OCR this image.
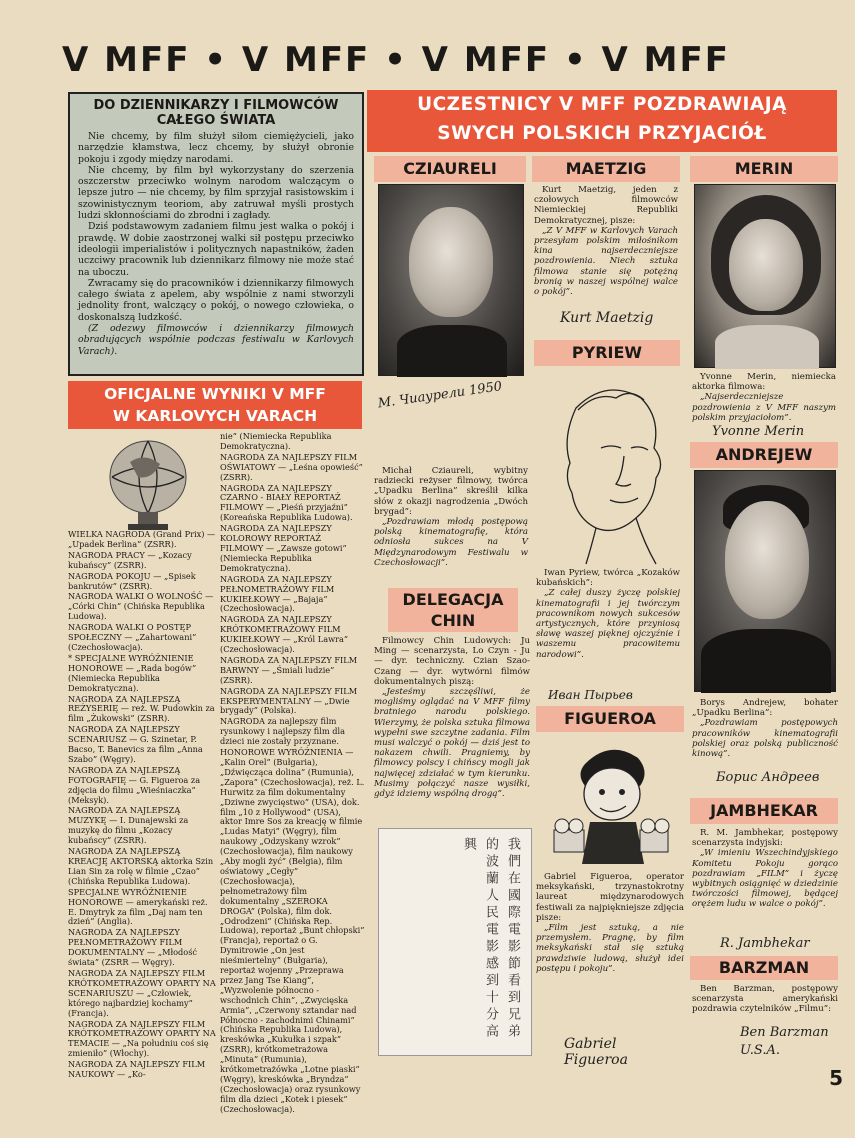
V MFF • V MFF • V MFF • V MFF
DO DZIENNIKARZY I FILMOWCÓW CAŁEGO ŚWIATA

Nie chcemy, by film służył siłom ciemiężycieli, jako narzędzie kłamstwa, lecz chcemy, by służył obronie pokoju i zgody między narodami.

Nie chcemy, by film był wykorzystany do szerzenia oszczerstw przeciwko wolnym narodom walczącym o lepsze jutro — nie chcemy, by film sprzyjał rasistowskim i szowinistycznym teoriom, aby zatruwał myśli prostych ludzi skłonnościami do zbrodni i zagłady.

Dziś podstawowym zadaniem filmu jest walka o pokój i prawdę. W dobie zaostrzonej walki sił postępu przeciwko ideologii imperialistów i politycznych napastników, żaden uczciwy pracownik lub dziennikarz filmowy nie może stać na uboczu.

Zwracamy się do pracowników i dziennikarzy filmowych całego świata z apelem, aby wspólnie z nami stworzyli jednolity front, walczący o pokój, o nowego człowieka, o doskonalszą ludzkość.

(Z odezwy filmowców i dziennikarzy filmowych obradujących wspólnie podczas festiwalu w Karlovych Varach).

UCZESTNICY V MFF POZDRAWIAJĄ
SWYCH POLSKICH PRZYJACIÓŁ
OFICJALNE WYNIKI V MFF
W KARLOVYCH VARACH

WIELKA NAGRODA (Grand Prix) — „Upadek Berlina” (ZSRR).

NAGRODA PRACY — „Kozacy kubańscy” (ZSRR).

NAGRODA POKOJU — „Spisek bankrutów” (ZSRR).

NAGRODA WALKI O WOLNOŚĆ — „Córki Chin” (Chińska Republika Ludowa).

NAGRODA WALKI O POSTĘP SPOŁECZNY — „Zahartowani” (Czechosłowacja).

* SPECJALNE WYRÓŻNIENIE HONOROWE — „Rada bogów” (Niemiecka Republika Demokratyczna).

NAGRODA ZA NAJLEPSZĄ REŻYSERIĘ — reż. W. Pudowkin za film „Żukowski” (ZSRR).

NAGRODA ZA NAJLEPSZY SCENARIUSZ — G. Szinetar, P. Bacso, T. Banevics za film „Anna Szabo” (Węgry).

NAGRODA ZA NAJLEPSZĄ FOTOGRAFIĘ — G. Figueroa za zdjęcia do filmu „Wieśniaczka” (Meksyk).

NAGRODA ZA NAJLEPSZĄ MUZYKĘ — I. Dunajewski za muzykę do filmu „Kozacy kubańscy” (ZSRR).

NAGRODA ZA NAJLEPSZĄ KREACJĘ AKTORSKĄ aktorka Szin Lian Sin za rolę w filmie „Czao” (Chińska Republika Ludowa).

SPECJALNE WYRÓŻNIENIE HONOROWE — amerykański reż. E. Dmytryk za film „Daj nam ten dzień” (Anglia).

NAGRODA ZA NAJLEPSZY PEŁNOMETRAŻOWY FILM DOKUMENTALNY — „Młodość świata” (ZSRR — Węgry).

NAGRODA ZA NAJLEPSZY FILM KRÓTKOMETRAŻOWY OPARTY NA SCENARIUSZU — „Człowiek, którego najbardziej kochamy” (Francja).

NAGRODA ZA NAJLEPSZY FILM KRÓTKOMETRAŻOWY OPARTY NA TEMACIE — „Na południu coś się zmieniło” (Włochy).

NAGRODA ZA NAJLEPSZY FILM NAUKOWY — „Ko-

nie” (Niemiecka Republika Demokratyczna).

NAGRODA ZA NAJLEPSZY FILM OŚWIATOWY — „Leśna opowieść” (ZSRR).

NAGRODA ZA NAJLEPSZY CZARNO - BIAŁY REPORTAŻ FILMOWY — „Pieśń przyjaźni” (Koreańska Republika Ludowa).

NAGRODA ZA NAJLEPSZY KOLOROWY REPORTAŻ FILMOWY — „Zawsze gotowi” (Niemiecka Republika Demokratyczna).

NAGRODA ZA NAJLEPSZY PEŁNOMETRAŻOWY FILM KUKIEŁKOWY — „Bajaja” (Czechosłowacja).

NAGRODA ZA NAJLEPSZY KRÓTKOMETRAŻOWY FILM KUKIEŁKOWY — „Król Lawra” (Czechosłowacja).

NAGRODA ZA NAJLEPSZY FILM BARWNY — „Śmiali ludzie” (ZSRR).

NAGRODA ZA NAJLEPSZY FILM EKSPERYMENTALNY — „Dwie brygady” (Polska).

NAGRODA za najlepszy film rysunkowy i najlepszy film dla dzieci nie zostały przyznane.

HONOROWE WYRÓŻNIENIA — „Kalin Orel” (Bułgaria), „Dźwięcząca dolina” (Rumunia), „Zapora” (Czechosłowacja), reż. L. Hurwitz za film dokumentalny „Dziwne zwycięstwo” (USA), dok. film „10 z Hollywood” (USA), aktor Imre Sos za kreację w filmie „Ludas Matyi” (Węgry), film naukowy „Odzyskany wzrok” (Czechosłowacja), film naukowy „Aby mogli żyć” (Belgia), film oświatowy „Cegły” (Czechosłowacja), pełnometrażowy film dokumentalny „SZEROKA DROGA” (Polska), film dok. „Odrodzeni” (Chińska Rep. Ludowa), reportaż „Bunt chłopski” (Francja), reportaż o G. Dymitrowie „On jest nieśmiertelny” (Bułgaria), reportaż wojenny „Przeprawa przez Jang Tse Kiang”, „Wyzwolenie północno - wschodnich Chin”, „Zwycięska Armia”, „Czerwony sztandar nad Północno - zachodnimi Chinami” (Chińska Republika Ludowa), kreskówka „Kukułka i szpak” (ZSRR), krótkometrażowa „Minuta” (Rumunia), krótkometrażówka „Lotne piaski” (Węgry), kreskówka „Bryndza” (Czechosłowacja) oraz rysunkowy film dla dzieci „Kotek i piesek” (Czechosłowacja).

CZIAURELI
М. Чиаурели 1950

Michał Cziaureli, wybitny radziecki reżyser filmowy, twórca „Upadku Berlina” skreślił kilka słów z okazji nagrodzenia „Dwóch brygad”:

„Pozdrawiam młodą postępową polską kinematografię, która odniosła sukces na V Międzynarodowym Festiwalu w Czechosłowacji”.

DELEGACJA
CHIN

Filmowcy Chin Ludowych: Ju Ming — scenarzysta, Lo Czyn - Ju — dyr. techniczny. Czian Szao-Czang — dyr. wytwórni filmów dokumentalnych piszą:

„Jesteśmy szczęśliwi, że mogliśmy oglądać na V MFF filmy bratniego narodu polskiego. Wierzymy, że polska sztuka filmowa wypełni swe szczytne zadania. Film musi walczyć o pokój — dziś jest to nakazem chwili. Pragniemy, by filmowcy polscy i chińscy mogli jak najwięcej zdziałać w tym kierunku. Musimy połączyć nasze wysiłki, gdyż idziemy wspólną drogą”.

我們在國際電影節看到兄弟的波蘭人民電影感到十分高興
MAETZIG

Kurt Maetzig, jeden z czołowych filmowców Niemieckiej Republiki Demokratycznej, pisze:

„Z V MFF w Karlovych Varach przesyłam polskim miłośnikom kina najserdeczniejsze pozdrowienia. Niech sztuka filmowa stanie się potężną bronią w naszej wspólnej walce o pokój”.

Kurt Maetzig
PYRIEW

Iwan Pyriew, twórca „Kozaków kubańskich”:

„Z całej duszy życzę polskiej kinematografii i jej twórczym pracownikom nowych sukcesów artystycznych, które przyniosą sławę waszej pięknej ojczyźnie i waszemu pracowitemu narodowi”.

Иван Пырьев
FIGUEROA

Gabriel Figueroa, operator meksykański, trzynastokrotny laureat międzynarodowych festiwali za najpiękniejsze zdjęcia pisze:

„Film jest sztuką, a nie przemysłem. Pragnę, by film meksykański stał się sztuką prawdziwie ludową, służył idei postępu i pokoju”.

Gabriel Figueroa
MERIN

Yvonne Merin, niemiecka aktorka filmowa:

„Najserdeczniejsze pozdrowienia z V MFF naszym polskim przyjaciołom”.

Yvonne Merin
ANDREJEW

Borys Andrejew, bohater „Upadku Berlina”:

„Pozdrawiam postępowych pracowników kinematografii polskiej oraz polską publiczność kinową”.

Борис Андреев
JAMBHEKAR

R. M. Jambhekar, postępowy scenarzysta indyjski:

„W imieniu Wszechindyjskiego Komitetu Pokoju gorąco pozdrawiam „FILM” i życzę wybitnych osiągnięć w dziedzinie twórczości filmowej, będącej orężem ludu w walce o pokój”.

R. Jambhekar
BARZMAN

Ben Barzman, postępowy scenarzysta amerykański pozdrawia czytelników „Filmu”:

Ben Barzman U.S.A.
5
